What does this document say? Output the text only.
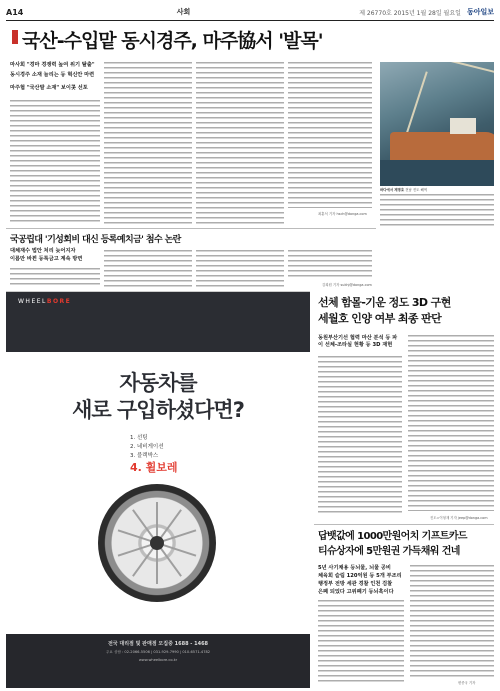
A14	사회	제 26770호 2015년 1월 28일 월요일 동아일보
국산-수입맡 동시경주, 마주協서 '발목'
마사회 "경마 경쟁력 높여 위기 탈출"
동시경주 소재 늘리는 등 혁신안 마련
마주협 "국산말 소재" 보이콧 선포
최훈석 기자 hsch@donga.com
국공립대 '기성회비 대신 등록예치금' 첨수 논란
대체재수 법안 처리 늦어지자
이름만 바뀐 등록금고 계속 방면
김희원 기자 sukhj@donga.com
바다에서 제명호 전남 진도 해역
선체 함몰-기운 정도 3D 구현
세월호 인양 여부 최종 판단
동원부산기선 협력 마산 분석 등 파이 선체-조타실 현황 등 3D 재현
진도=이형재 기자 jeep@donga.com
답뱃값에 1000만원어치 기프트카드
티슈상자에 5만원권 가득채워 건네
5년 사기채용 등뇌물, 뇌물 공비
체육회 슬림 120억원 등 5개 부조리
행정부 전방 세관 경찰 인천 검찰
은폐 되었다 고위폐기 등뇌혹이다
변종국 기자
WHEELBORE
자동차를
새로 구입하셨다면?
1. 선팅
2. 네비게이션
3. 블랙박스
4. 휠보레
전국 대리점 및 판매점 모집중 1688 - 1468
주요 상담 : 02-2066-5506 | 031-929-7990 | 010-6571-4782
www.wheelbore.co.kr
